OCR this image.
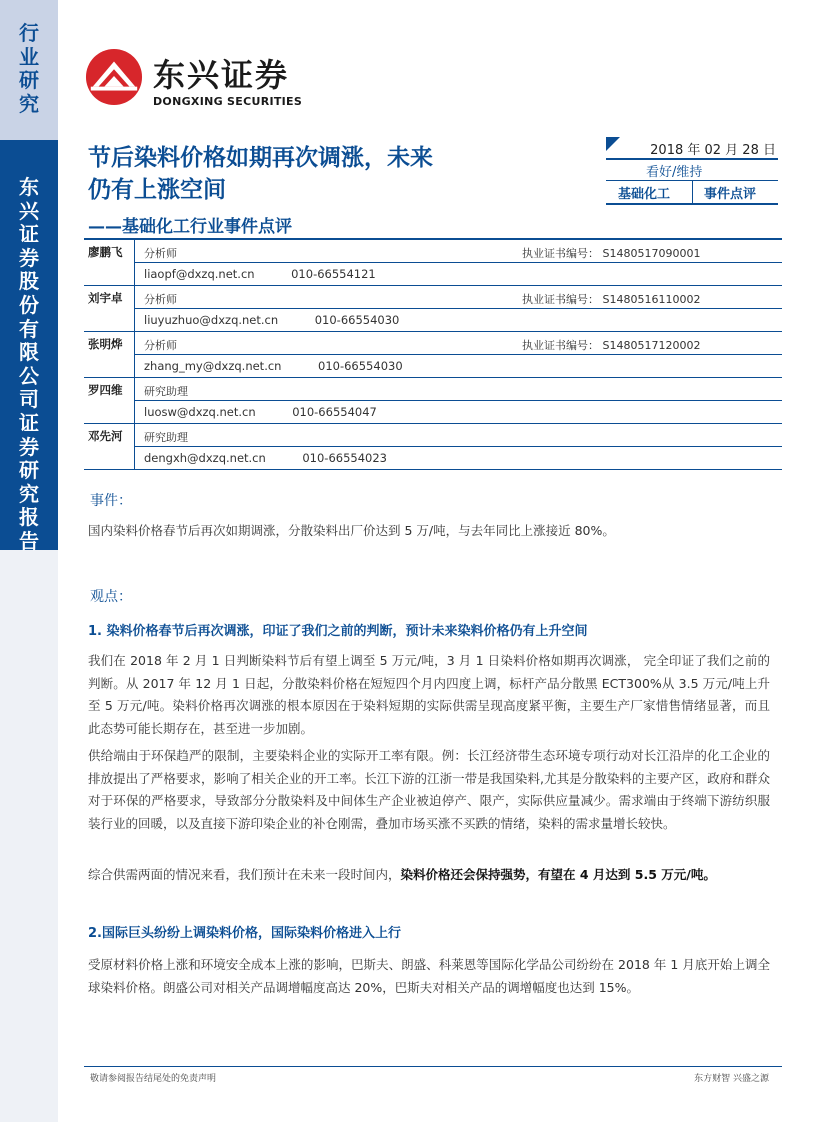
行
业
研
究
东
兴
证
券
股
份
有
限
公
司
证
券
研
究
报
告
东兴证券
DONGXING SECURITIES
节后染料价格如期再次调涨，未来
仍有上涨空间
——基础化工行业事件点评
2018 年 02 月 28 日
看好/维持
基础化工	事件点评
廖鹏飞 分析师	执业证书编号： S1480517090001
liaopf@dxzq.net.cn          010-66554121
刘宇卓 分析师	执业证书编号： S1480516110002
liuyuzhuo@dxzq.net.cn          010-66554030
张明烨 分析师	执业证书编号： S1480517120002
zhang_my@dxzq.net.cn          010-66554030
罗四维 研究助理
luosw@dxzq.net.cn          010-66554047
邓先河 研究助理
dengxh@dxzq.net.cn          010-66554023
事件：
国内染料价格春节后再次如期调涨，分散染料出厂价达到 5 万/吨，与去年同比上涨接近 80%。
观点：
1. 染料价格春节后再次调涨，印证了我们之前的判断，预计未来染料价格仍有上升空间
我们在 2018 年 2 月 1 日判断染料节后有望上调至 5 万元/吨，3 月 1 日染料价格如期再次调涨， 完全印证了我们之前的判断。从 2017 年 12 月 1 日起，分散染料价格在短短四个月内四度上调，标杆产品分散黑 ECT300%从 3.5 万元/吨上升至 5 万元/吨。染料价格再次调涨的根本原因在于染料短期的实际供需呈现高度紧平衡，主要生产厂家惜售情绪显著，而且此态势可能长期存在，甚至进一步加剧。
供给端由于环保趋严的限制，主要染料企业的实际开工率有限。例：长江经济带生态环境专项行动对长江沿岸的化工企业的排放提出了严格要求，影响了相关企业的开工率。长江下游的江浙一带是我国染料,尤其是分散染料的主要产区，政府和群众对于环保的严格要求，导致部分分散染料及中间体生产企业被迫停产、限产，实际供应量减少。需求端由于终端下游纺织服装行业的回暖，以及直接下游印染企业的补仓刚需，叠加市场买涨不买跌的情绪，染料的需求量增长较快。
综合供需两面的情况来看，我们预计在未来一段时间内，染料价格还会保持强势，有望在 4 月达到 5.5 万元/吨。
2.国际巨头纷纷上调染料价格，国际染料价格进入上行
受原材料价格上涨和环境安全成本上涨的影响，巴斯夫、朗盛、科莱恩等国际化学品公司纷纷在 2018 年 1 月底开始上调全球染料价格。朗盛公司对相关产品调增幅度高达 20%，巴斯夫对相关产品的调增幅度也达到 15%。
敬请参阅报告结尾处的免责声明	东方财智 兴盛之源
